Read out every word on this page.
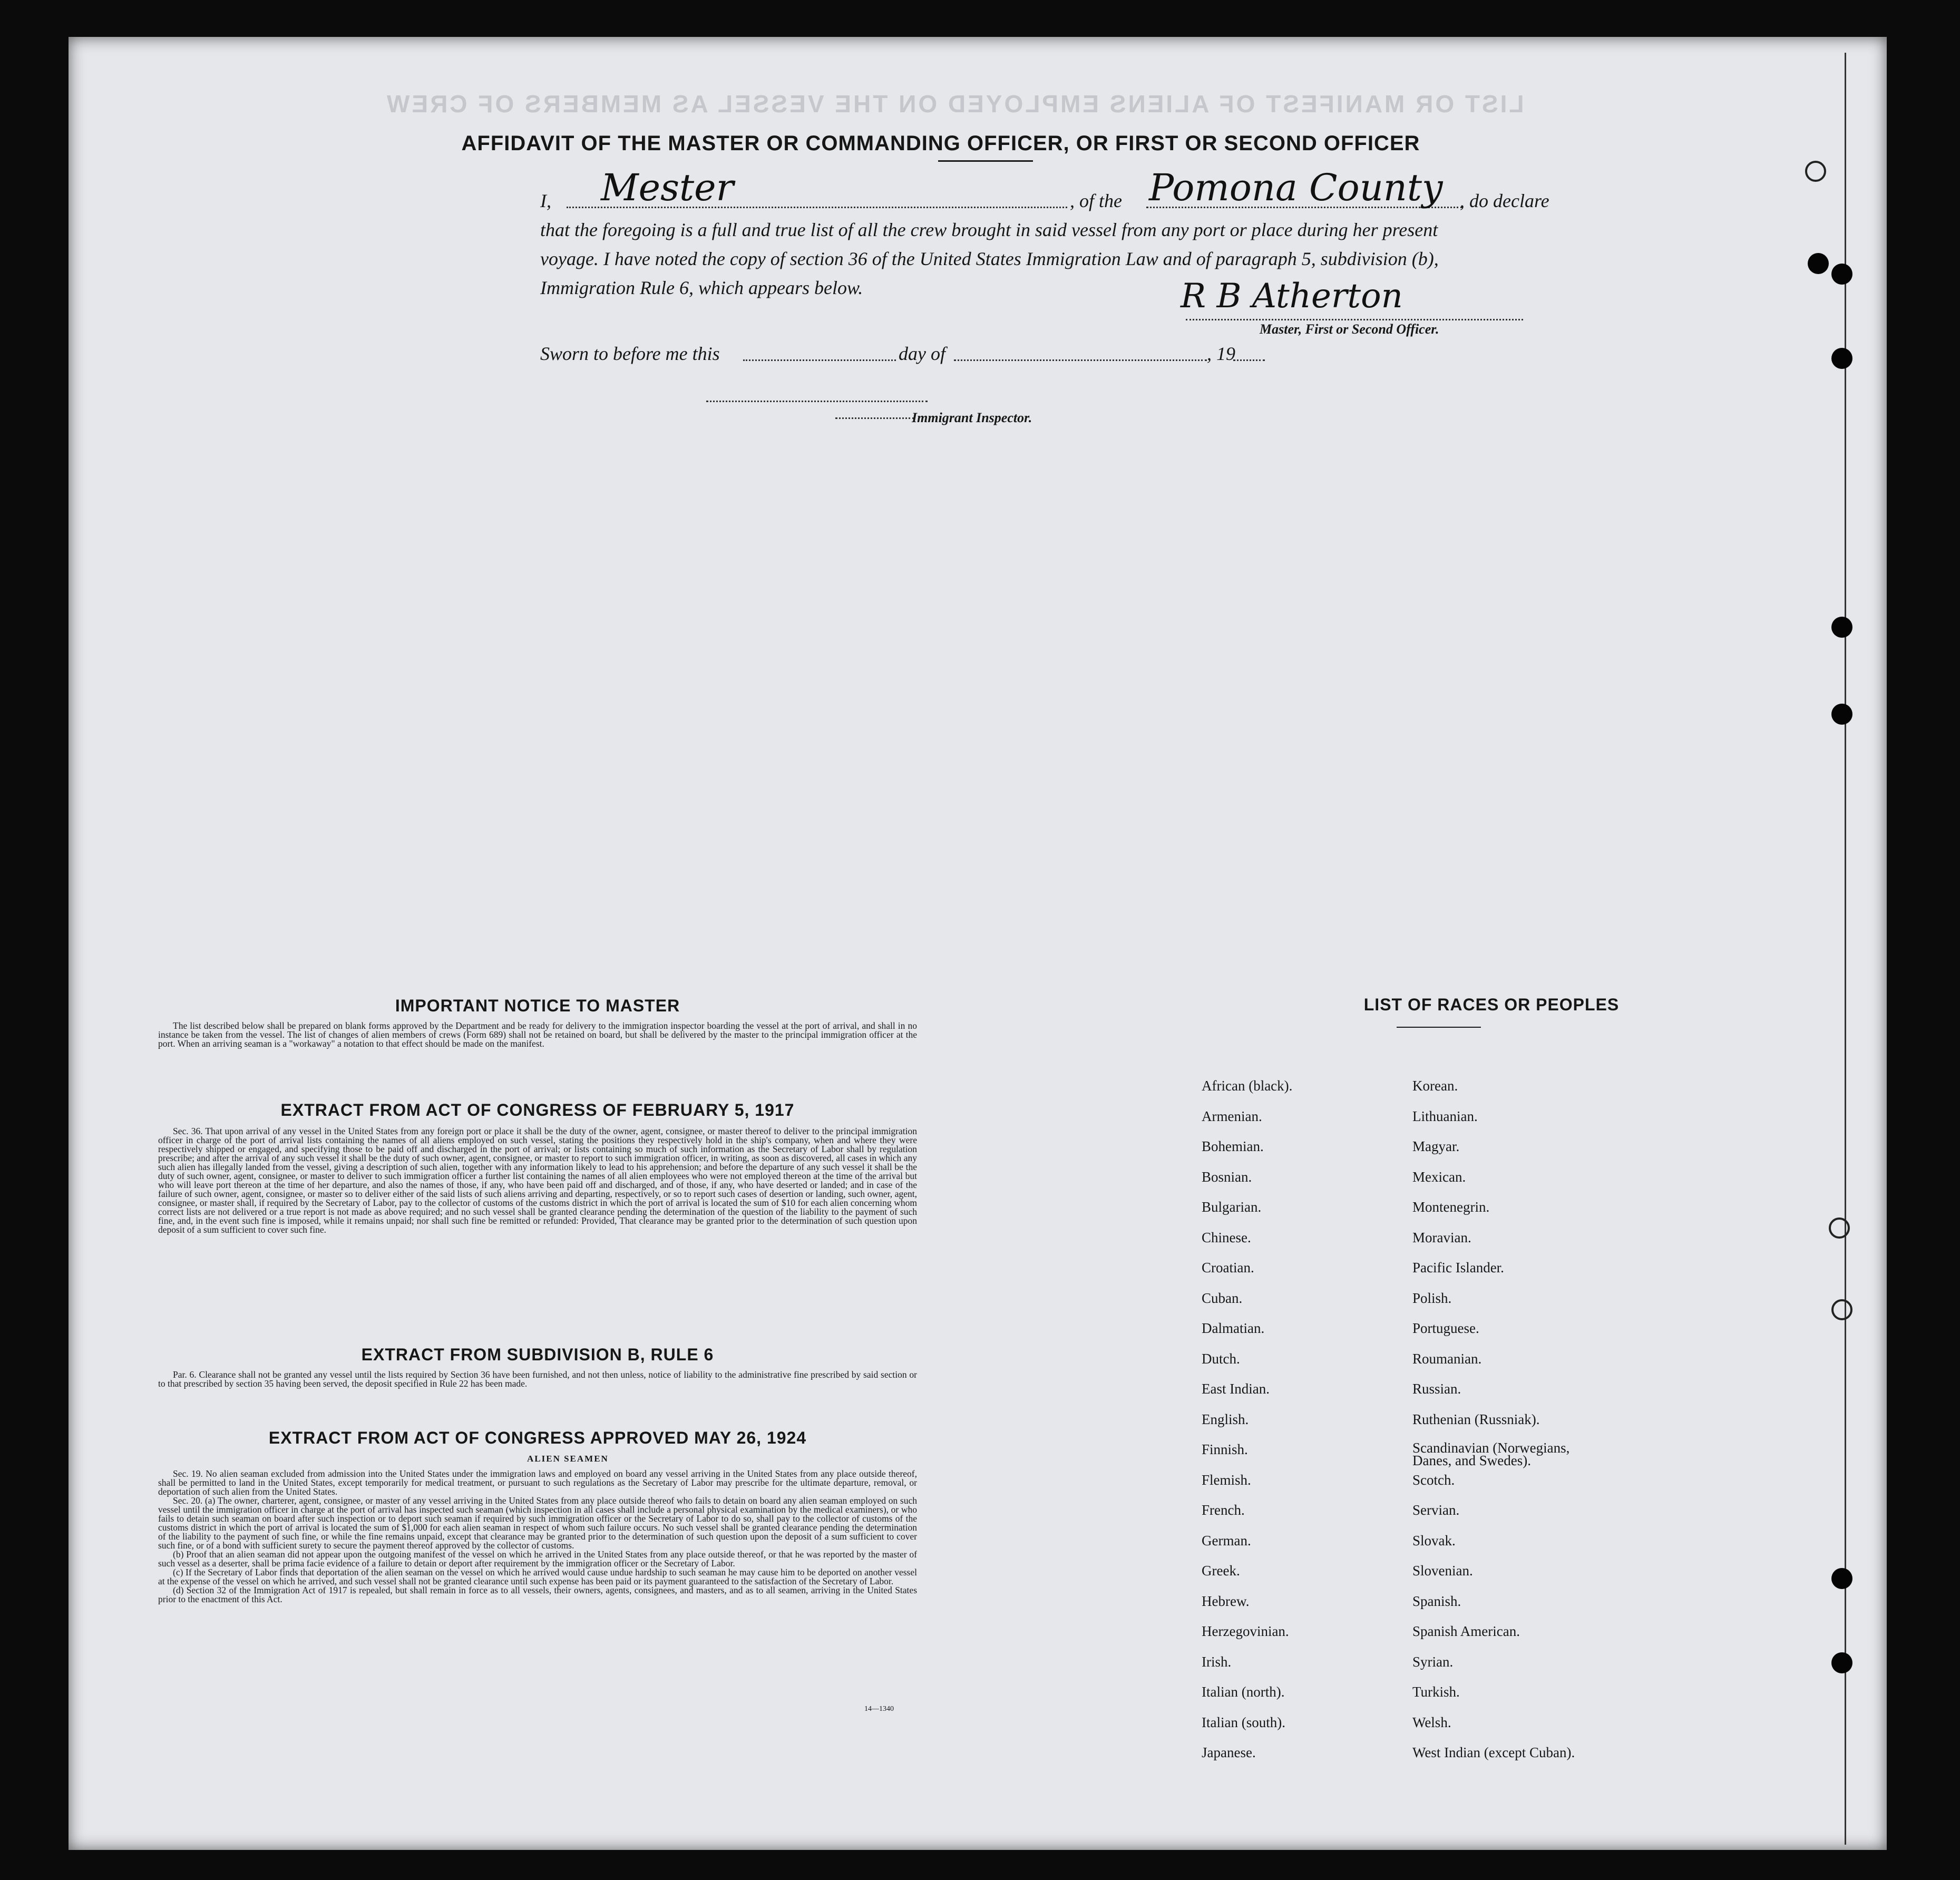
LIST OR MANIFEST OF ALIENS EMPLOYED ON THE VESSEL AS MEMBERS OF CREW
AFFIDAVIT OF THE MASTER OR COMMANDING OFFICER, OR FIRST OR SECOND OFFICER
I, Mester	, of the Pomona County , do declare
that the foregoing is a full and true list of all the crew brought in said vessel from any port or place during her present
voyage. I have noted the copy of section 36 of the United States Immigration Law and of paragraph 5, subdivision (b),
Immigration Rule 6, which appears below.	R B Atherton
Master, First or Second Officer.
Sworn to before me this	day of	, 19
Immigrant Inspector.
IMPORTANT NOTICE TO MASTER

The list described below shall be prepared on blank forms approved by the Department and be ready for delivery to the immigration inspector boarding the vessel at the port of arrival, and shall in no instance be taken from the vessel. The list of changes of alien members of crews (Form 689) shall not be retained on board, but shall be delivered by the master to the principal immigration officer at the port. When an arriving seaman is a "workaway" a notation to that effect should be made on the manifest.

EXTRACT FROM ACT OF CONGRESS OF FEBRUARY 5, 1917

Sec. 36. That upon arrival of any vessel in the United States from any foreign port or place it shall be the duty of the owner, agent, consignee, or master thereof to deliver to the principal immigration officer in charge of the port of arrival lists containing the names of all aliens employed on such vessel, stating the positions they respectively hold in the ship's company, when and where they were respectively shipped or engaged, and specifying those to be paid off and discharged in the port of arrival; or lists containing so much of such information as the Secretary of Labor shall by regulation prescribe; and after the arrival of any such vessel it shall be the duty of such owner, agent, consignee, or master to report to such immigration officer, in writing, as soon as discovered, all cases in which any such alien has illegally landed from the vessel, giving a description of such alien, together with any information likely to lead to his apprehension; and before the departure of any such vessel it shall be the duty of such owner, agent, consignee, or master to deliver to such immigration officer a further list containing the names of all alien employees who were not employed thereon at the time of the arrival but who will leave port thereon at the time of her departure, and also the names of those, if any, who have been paid off and discharged, and of those, if any, who have deserted or landed; and in case of the failure of such owner, agent, consignee, or master so to deliver either of the said lists of such aliens arriving and departing, respectively, or so to report such cases of desertion or landing, such owner, agent, consignee, or master shall, if required by the Secretary of Labor, pay to the collector of customs of the customs district in which the port of arrival is located the sum of $10 for each alien concerning whom correct lists are not delivered or a true report is not made as above required; and no such vessel shall be granted clearance pending the determination of the question of the liability to the payment of such fine, and, in the event such fine is imposed, while it remains unpaid; nor shall such fine be remitted or refunded: Provided, That clearance may be granted prior to the determination of such question upon deposit of a sum sufficient to cover such fine.

EXTRACT FROM SUBDIVISION B, RULE 6

Par. 6. Clearance shall not be granted any vessel until the lists required by Section 36 have been furnished, and not then unless, notice of liability to the administrative fine prescribed by said section or to that prescribed by section 35 having been served, the deposit specified in Rule 22 has been made.

EXTRACT FROM ACT OF CONGRESS APPROVED MAY 26, 1924
ALIEN SEAMEN

Sec. 19. No alien seaman excluded from admission into the United States under the immigration laws and employed on board any vessel arriving in the United States from any place outside thereof, shall be permitted to land in the United States, except temporarily for medical treatment, or pursuant to such regulations as the Secretary of Labor may prescribe for the ultimate departure, removal, or deportation of such alien from the United States.

Sec. 20. (a) The owner, charterer, agent, consignee, or master of any vessel arriving in the United States from any place outside thereof who fails to detain on board any alien seaman employed on such vessel until the immigration officer in charge at the port of arrival has inspected such seaman (which inspection in all cases shall include a personal physical examination by the medical examiners), or who fails to detain such seaman on board after such inspection or to deport such seaman if required by such immigration officer or the Secretary of Labor to do so, shall pay to the collector of customs of the customs district in which the port of arrival is located the sum of $1,000 for each alien seaman in respect of whom such failure occurs. No such vessel shall be granted clearance pending the determination of the liability to the payment of such fine, or while the fine remains unpaid, except that clearance may be granted prior to the determination of such question upon the deposit of a sum sufficient to cover such fine, or of a bond with sufficient surety to secure the payment thereof approved by the collector of customs.

(b) Proof that an alien seaman did not appear upon the outgoing manifest of the vessel on which he arrived in the United States from any place outside thereof, or that he was reported by the master of such vessel as a deserter, shall be prima facie evidence of a failure to detain or deport after requirement by the immigration officer or the Secretary of Labor.

(c) If the Secretary of Labor finds that deportation of the alien seaman on the vessel on which he arrived would cause undue hardship to such seaman he may cause him to be deported on another vessel at the expense of the vessel on which he arrived, and such vessel shall not be granted clearance until such expense has been paid or its payment guaranteed to the satisfaction of the Secretary of Labor.

(d) Section 32 of the Immigration Act of 1917 is repealed, but shall remain in force as to all vessels, their owners, agents, consignees, and masters, and as to all seamen, arriving in the United States prior to the enactment of this Act.

14—1340
LIST OF RACES OR PEOPLES
African (black).
Armenian.
Bohemian.
Bosnian.
Bulgarian.
Chinese.
Croatian.
Cuban.
Dalmatian.
Dutch.
East Indian.
English.
Finnish.
Flemish.
French.
German.
Greek.
Hebrew.
Herzegovinian.
Irish.
Italian (north).
Italian (south).
Japanese.
Korean.
Lithuanian.
Magyar.
Mexican.
Montenegrin.
Moravian.
Pacific Islander.
Polish.
Portuguese.
Roumanian.
Russian.
Ruthenian (Russniak).
Scandinavian (Norwegians, Danes, and Swedes).
Scotch.
Servian.
Slovak.
Slovenian.
Spanish.
Spanish American.
Syrian.
Turkish.
Welsh.
West Indian (except Cuban).
